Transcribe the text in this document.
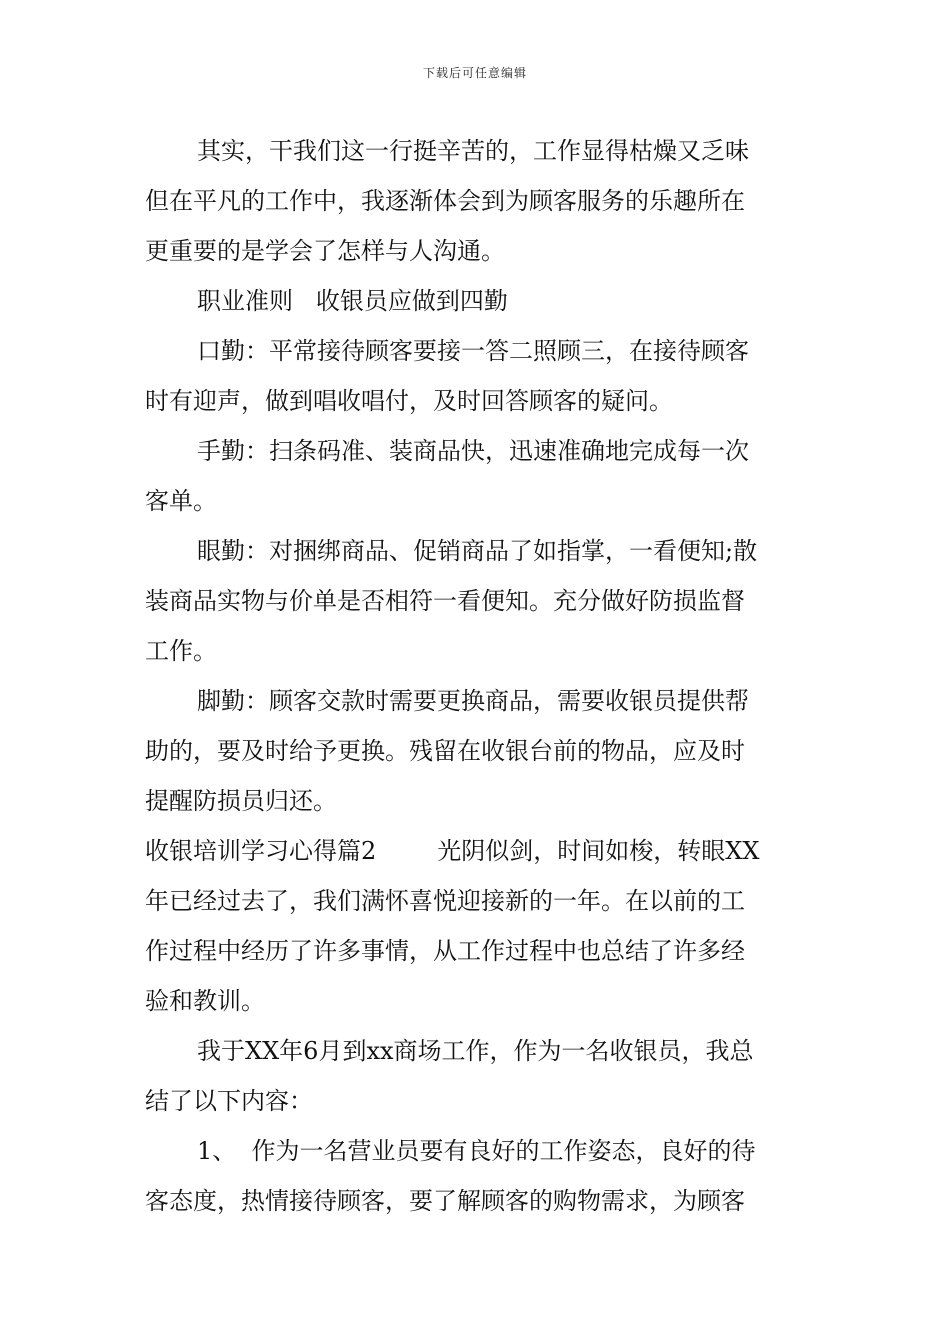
下载后可任意编辑
其实，干我们这一行挺辛苦的，工作显得枯燥又乏味
但在平凡的工作中，我逐渐体会到为顾客服务的乐趣所在
更重要的是学会了怎样与人沟通。
职业准则   收银员应做到四勤
口勤：平常接待顾客要接一答二照顾三，在接待顾客
时有迎声，做到唱收唱付，及时回答顾客的疑问。
手勤：扫条码准、装商品快，迅速准确地完成每一次
客单。
眼勤：对捆绑商品、促销商品了如指掌，一看便知;散
装商品实物与价单是否相符一看便知。充分做好防损监督
工作。
脚勤：顾客交款时需要更换商品，需要收银员提供帮
助的，要及时给予更换。残留在收银台前的物品，应及时
提醒防损员归还。
收银培训学习心得篇2        光阴似剑，时间如梭，转眼XX
年已经过去了，我们满怀喜悦迎接新的一年。在以前的工
作过程中经历了许多事情，从工作过程中也总结了许多经
验和教训。
我于XX年6月到xx商场工作，作为一名收银员，我总
结了以下内容：
1、  作为一名营业员要有良好的工作姿态，良好的待
客态度，热情接待顾客，要了解顾客的购物需求，为顾客
